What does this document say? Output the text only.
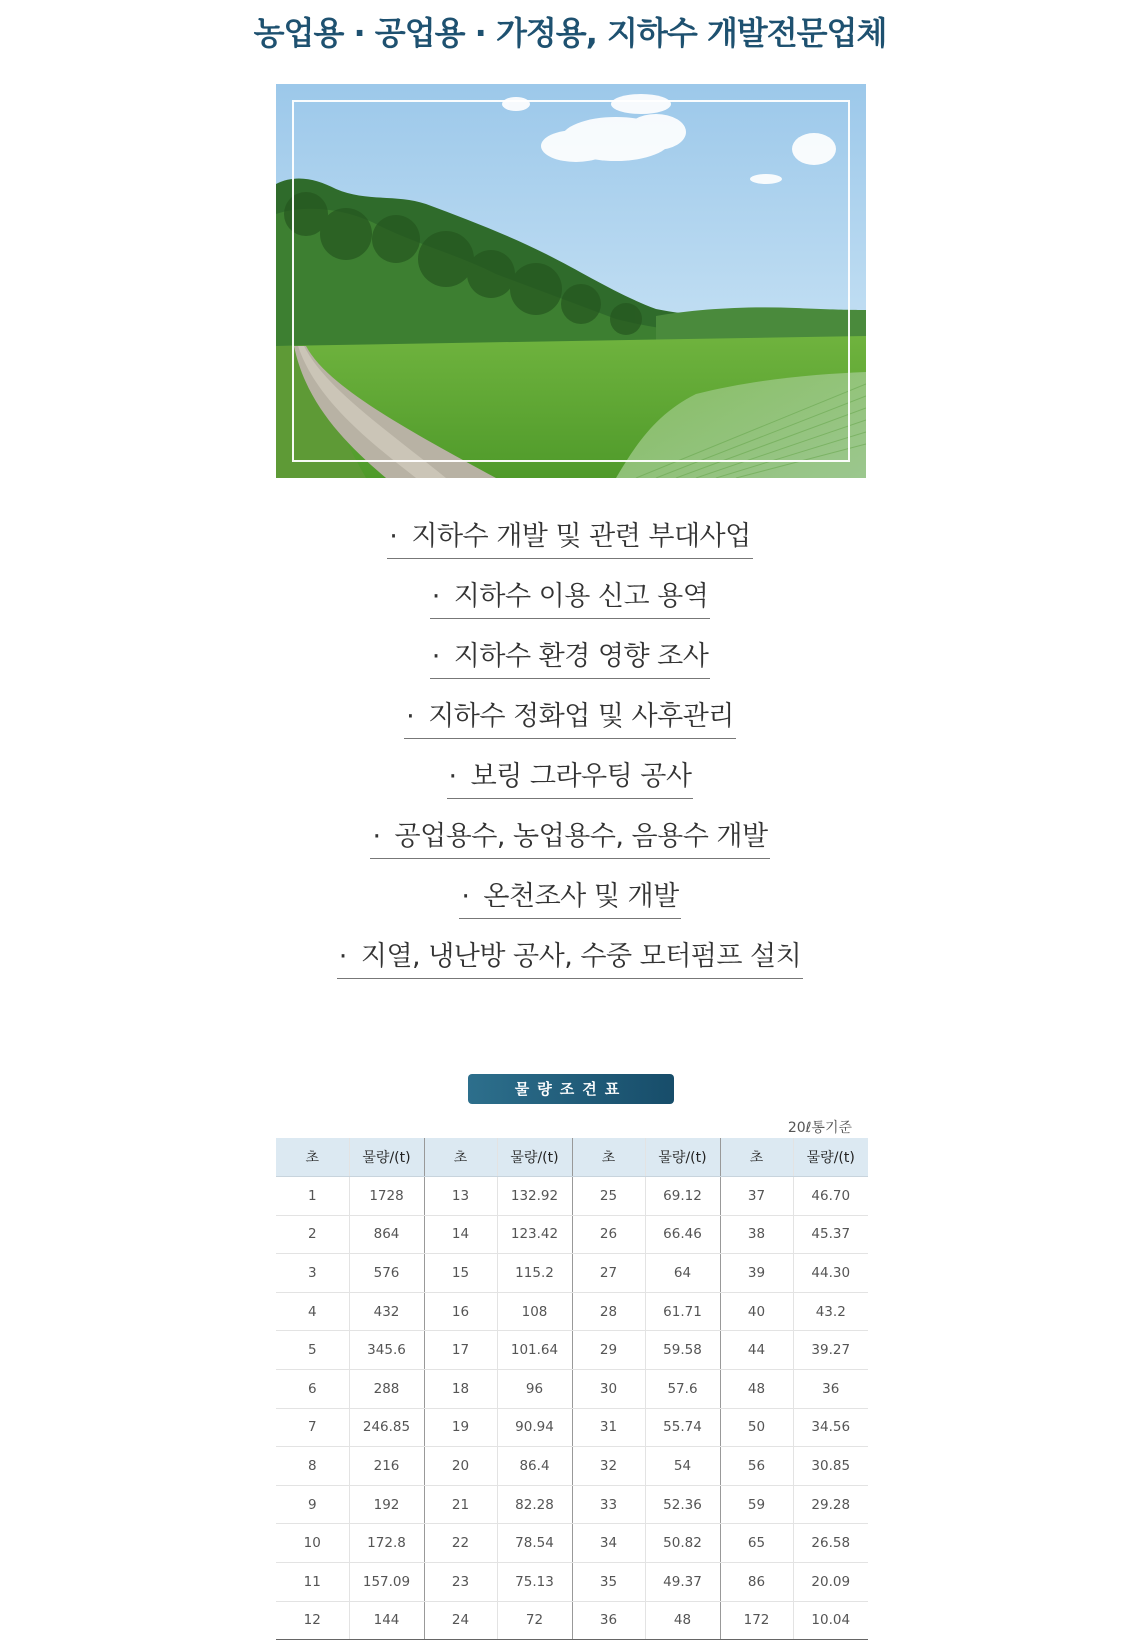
농업용 · 공업용 · 가정용, 지하수 개발전문업체
· 지하수 개발 및 관련 부대사업
· 지하수 이용 신고 용역
· 지하수 환경 영향 조사
· 지하수 정화업 및 사후관리
· 보링 그라우팅 공사
· 공업용수, 농업용수, 음용수 개발
· 온천조사 및 개발
· 지열, 냉난방 공사, 수중 모터펌프 설치
물량조견표
20ℓ통기준
초	물량/(t)	초	물량/(t)	초	물량/(t)	초	물량/(t)
1	1728	13	132.92	25	69.12	37	46.70
2	864	14	123.42	26	66.46	38	45.37
3	576	15	115.2	27	64	39	44.30
4	432	16	108	28	61.71	40	43.2
5	345.6	17	101.64	29	59.58	44	39.27
6	288	18	96	30	57.6	48	36
7	246.85	19	90.94	31	55.74	50	34.56
8	216	20	86.4	32	54	56	30.85
9	192	21	82.28	33	52.36	59	29.28
10	172.8	22	78.54	34	50.82	65	26.58
11	157.09	23	75.13	35	49.37	86	20.09
12	144	24	72	36	48	172	10.04
